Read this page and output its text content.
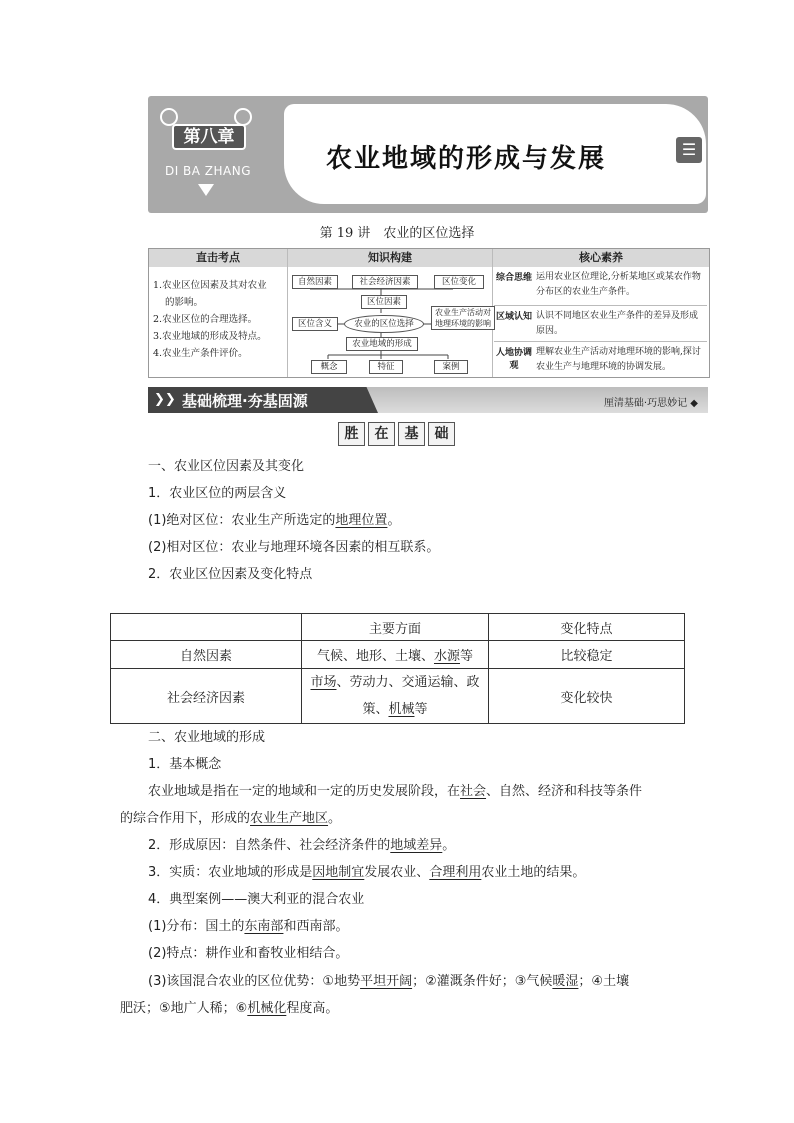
第八章
DI BA ZHANG	农业地域的形成与发展	☰
第 19 讲　农业的区位选择
直击考点	知识构建	核心素养
1.农业区位因素及其对农业
的影响。
2.农业区位的合理选择。
3.农业地域的形成及特点。
4.农业生产条件评价。
自然因素	社会经济因素	区位变化
区位因素
区位含义	农业的区位选择
农业生产活动对地理环境的影响
农业地域的形成
概念	特征	案例
综合思维 运用农业区位理论,分析某地区或某农作物分布区的农业生产条件。
区域认知 认识不同地区农业生产条件的差异及形成原因。
人地协调观
理解农业生产活动对地理环境的影响,探讨农业生产与地理环境的协调发展。
❯❯ 基础梳理·夯基固源	厘清基础·巧思妙记 ◆
胜	在	基	础
一、农业区位因素及其变化
1．农业区位的两层含义
(1)绝对区位：农业生产所选定的地理位置。
(2)相对区位：农业与地理环境各因素的相互联系。
2．农业区位因素及变化特点
	主要方面	变化特点
自然因素	气候、地形、土壤、水源等	比较稳定
社会经济因素	市场、劳动力、交通运输、政策、机械等	变化较快
二、农业地域的形成
1．基本概念
农业地域是指在一定的地域和一定的历史发展阶段，在社会、自然、经济和科技等条件
的综合作用下，形成的农业生产地区。
2．形成原因：自然条件、社会经济条件的地域差异。
3．实质：农业地域的形成是因地制宜发展农业、合理利用农业土地的结果。
4．典型案例——澳大利亚的混合农业
(1)分布：国土的东南部和西南部。
(2)特点：耕作业和畜牧业相结合。
(3)该国混合农业的区位优势：①地势平坦开阔；②灌溉条件好；③气候暖湿；④土壤
肥沃；⑤地广人稀；⑥机械化程度高。
